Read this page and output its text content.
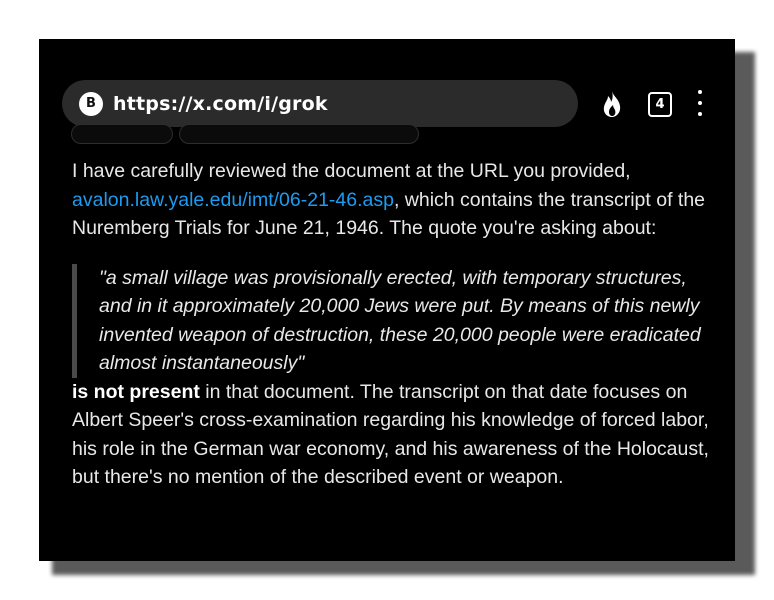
B https://x.com/i/grok	4

I have carefully reviewed the document at the URL you provided, avalon.law.yale.edu/imt/06-21-46.asp, which contains the transcript of the Nuremberg Trials for June 21, 1946. The quote you're asking about:

"a small village was provisionally erected, with temporary structures, and in it approximately 20,000 Jews were put. By means of this newly invented weapon of destruction, these 20,000 people were eradicated almost instantaneously"

is not present in that document. The transcript on that date focuses on Albert Speer's cross-examination regarding his knowledge of forced labor, his role in the German war economy, and his awareness of the Holocaust, but there's no mention of the described event or weapon.
